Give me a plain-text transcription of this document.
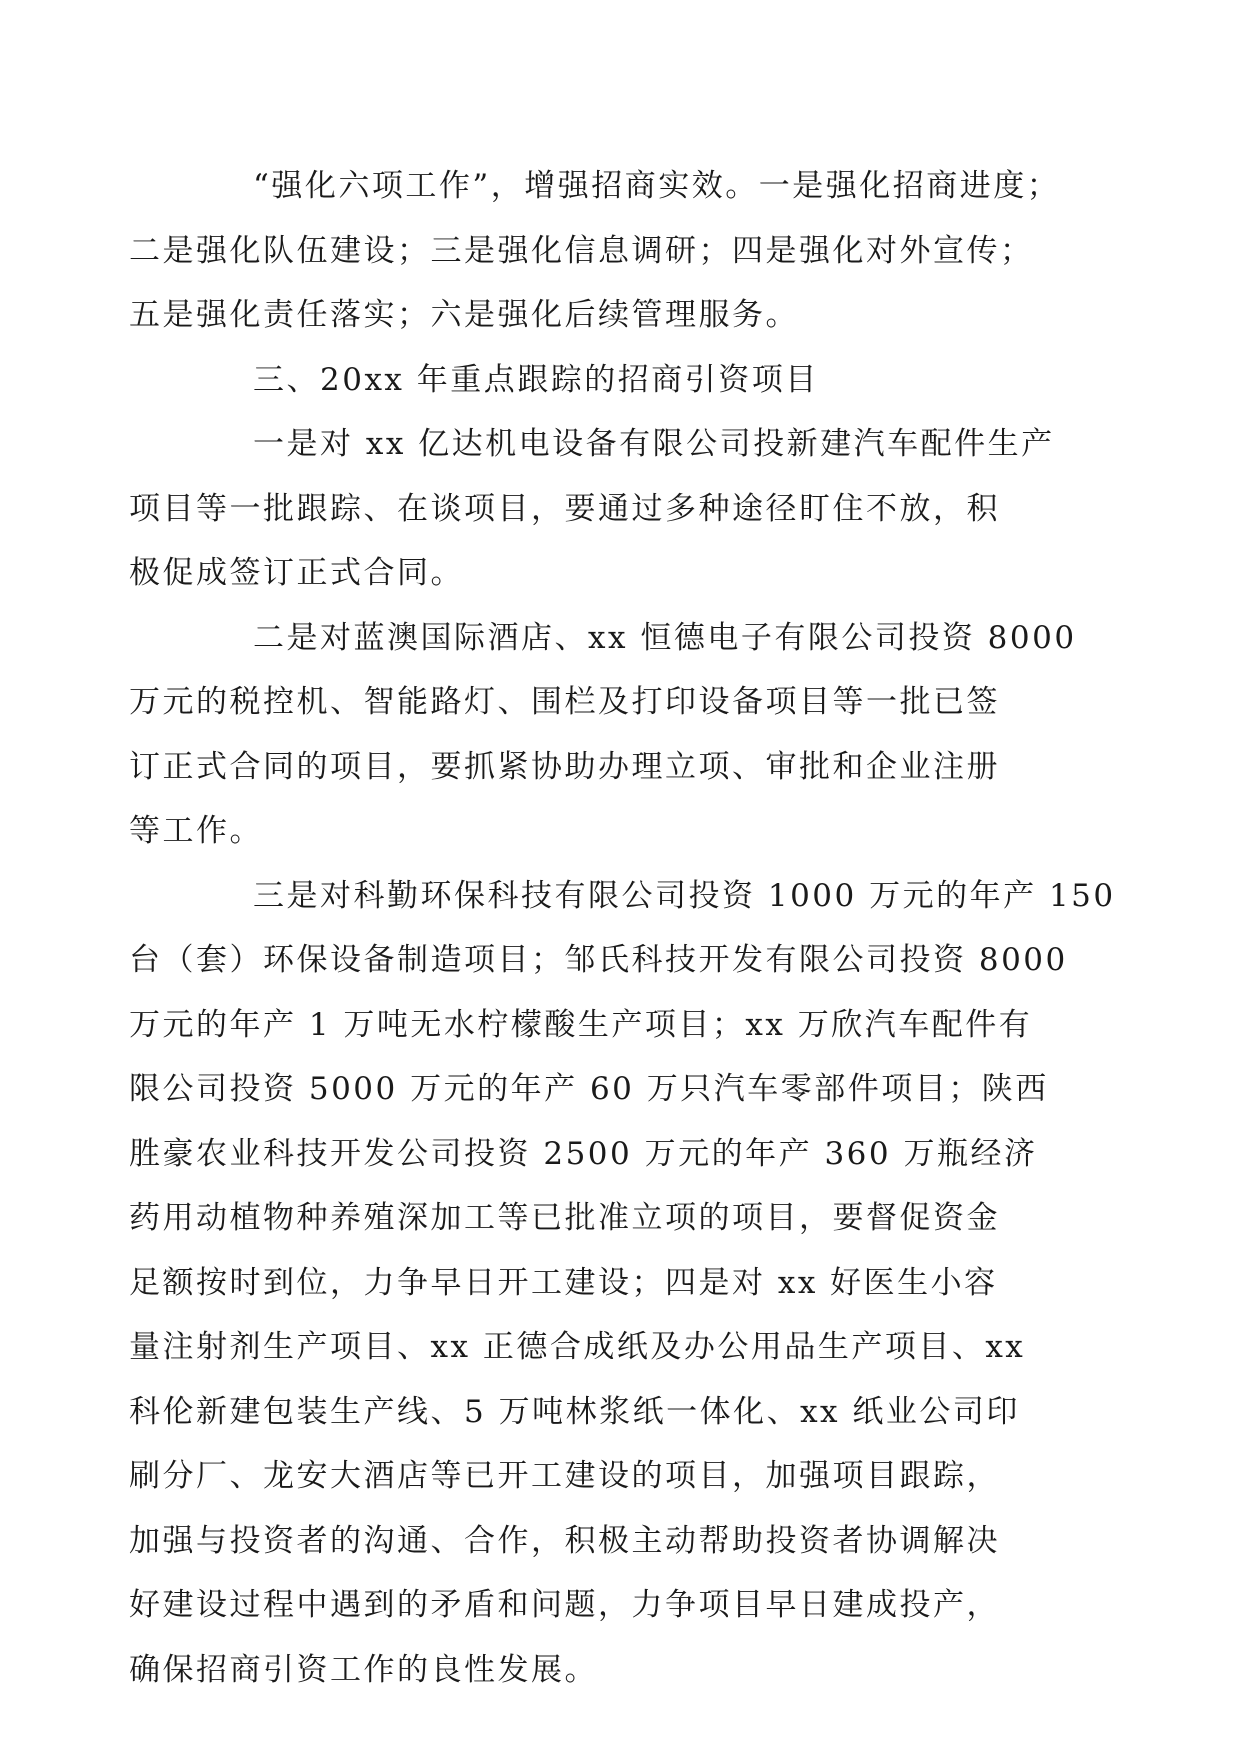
“强化六项工作”，增强招商实效。一是强化招商进度；
二是强化队伍建设；三是强化信息调研；四是强化对外宣传；
五是强化责任落实；六是强化后续管理服务。

三、20xx 年重点跟踪的招商引资项目

一是对 xx 亿达机电设备有限公司投新建汽车配件生产
项目等一批跟踪、在谈项目，要通过多种途径盯住不放，积
极促成签订正式合同。

二是对蓝澳国际酒店、xx 恒德电子有限公司投资 8000
万元的税控机、智能路灯、围栏及打印设备项目等一批已签
订正式合同的项目，要抓紧协助办理立项、审批和企业注册
等工作。

三是对科勤环保科技有限公司投资 1000 万元的年产 150
台（套）环保设备制造项目；邹氏科技开发有限公司投资 8000
万元的年产 1 万吨无水柠檬酸生产项目；xx 万欣汽车配件有
限公司投资 5000 万元的年产 60 万只汽车零部件项目；陕西
胜豪农业科技开发公司投资 2500 万元的年产 360 万瓶经济
药用动植物种养殖深加工等已批准立项的项目，要督促资金
足额按时到位，力争早日开工建设；四是对 xx 好医生小容
量注射剂生产项目、xx 正德合成纸及办公用品生产项目、xx
科伦新建包装生产线、5 万吨林浆纸一体化、xx 纸业公司印
刷分厂、龙安大酒店等已开工建设的项目，加强项目跟踪，
加强与投资者的沟通、合作，积极主动帮助投资者协调解决
好建设过程中遇到的矛盾和问题，力争项目早日建成投产，
确保招商引资工作的良性发展。
